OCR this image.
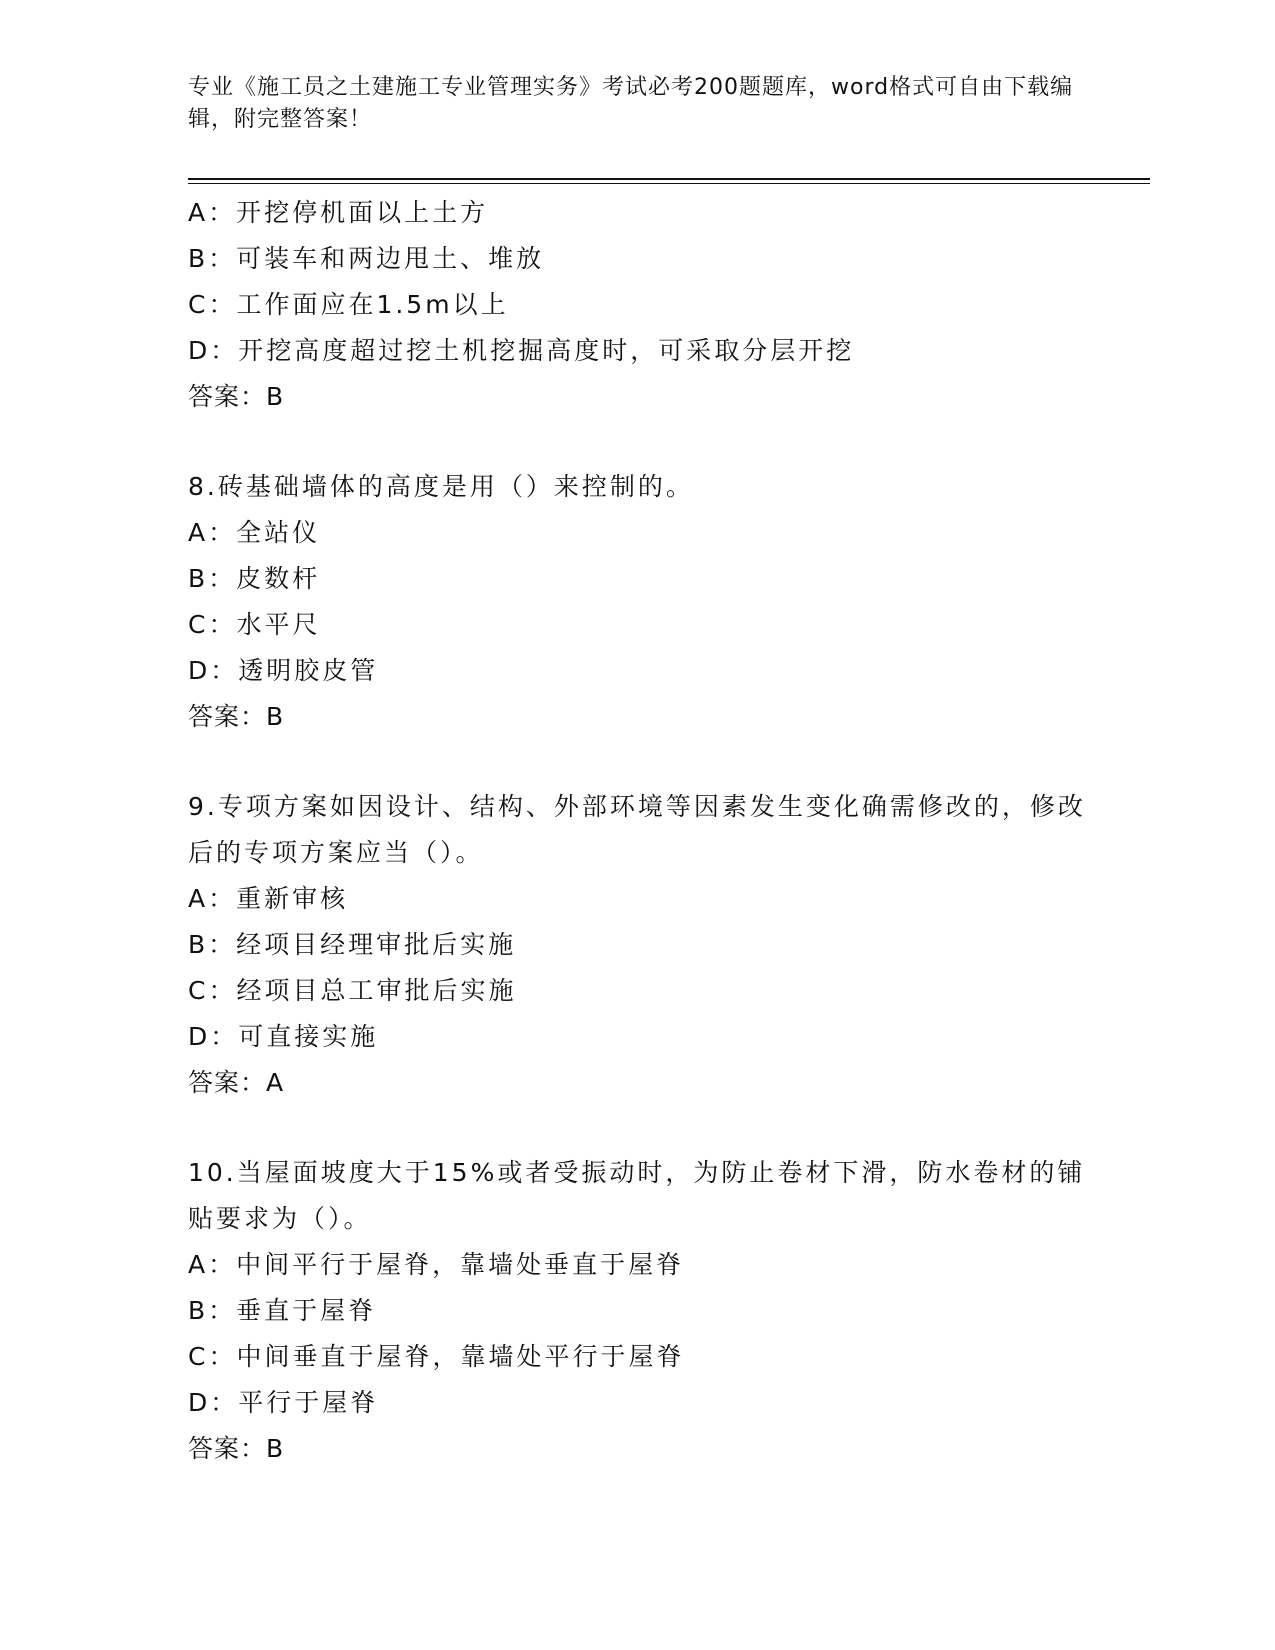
专业《施工员之土建施工专业管理实务》考试必考200题题库，word格式可自由下载编辑，附完整答案！

A：开挖停机面以上土方

B：可装车和两边甩土、堆放

C：工作面应在1.5m以上

D：开挖高度超过挖土机挖掘高度时，可采取分层开挖

答案：B

8.砖基础墙体的高度是用（）来控制的。

A：全站仪

B：皮数杆

C：水平尺

D：透明胶皮管

答案：B

9.专项方案如因设计、结构、外部环境等因素发生变化确需修改的，修改后的专项方案应当（）。

A：重新审核

B：经项目经理审批后实施

C：经项目总工审批后实施

D：可直接实施

答案：A

10.当屋面坡度大于15%或者受振动时，为防止卷材下滑，防水卷材的铺贴要求为（）。

A：中间平行于屋脊，靠墙处垂直于屋脊

B：垂直于屋脊

C：中间垂直于屋脊，靠墙处平行于屋脊

D：平行于屋脊

答案：B
